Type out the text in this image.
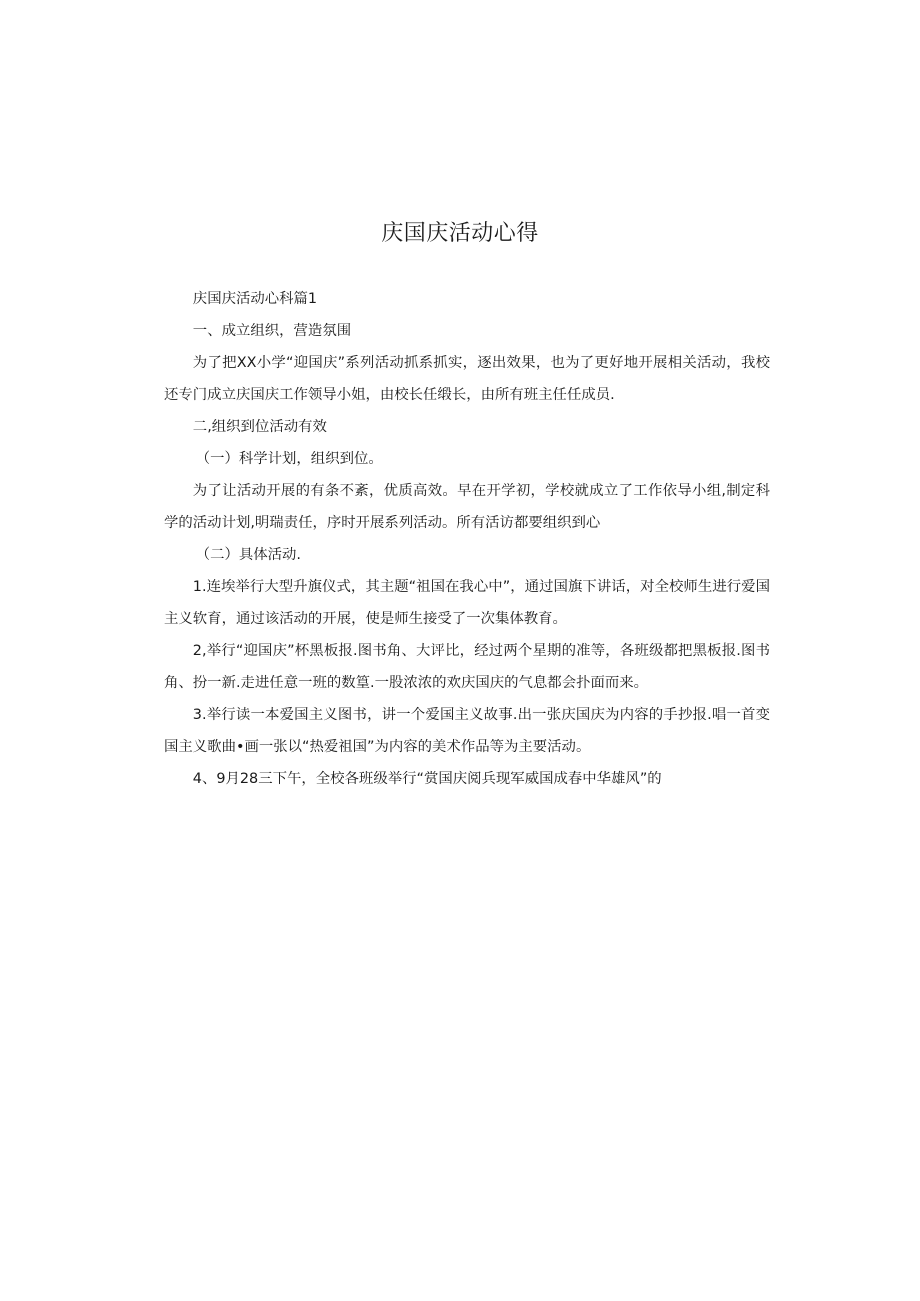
庆国庆活动心得

庆国庆活动心科篇1

一、成立组织，营造氛围

为了把XX小学“迎国庆”系列活动抓系抓实，逐出效果，也为了更好地开展相关活动，我校还专门成立庆国庆工作领导小姐，由校长任缎长，由所有班主任任成员.

二,组织到位活动有效

（一）科学计划，组织到位。

为了让活动开展的有条不紊，优质高效。早在开学初，学校就成立了工作依导小组,制定科学的活动计划,明瑞责任，序时开展系列活动。所有活访都要组织到心

（二）具体活动.

1.连埃举行大型升旗仪式，其主题“祖国在我心中”，通过国旗下讲话，对全校师生进行爱国主义软育，通过该活动的开展，使是师生接受了一次集体教育。

2,举行“迎国庆”杯黑板报.图书角、大评比，经过两个星期的准等，各班级都把黑板报.图书角、扮一新.走进任意一班的数篁.一股浓浓的欢庆国庆的气息都会扑面而来。

3.举行读一本爱国主义图书，讲一个爱国主义故事.出一张庆国庆为内容的手抄报.唱一首变国主义歌曲•画一张以“热爱祖国”为内容的美术作品等为主要活动。

4、9月28三下午，全校各班级举行“赏国庆阅兵现军威国成春中华雄风”的
